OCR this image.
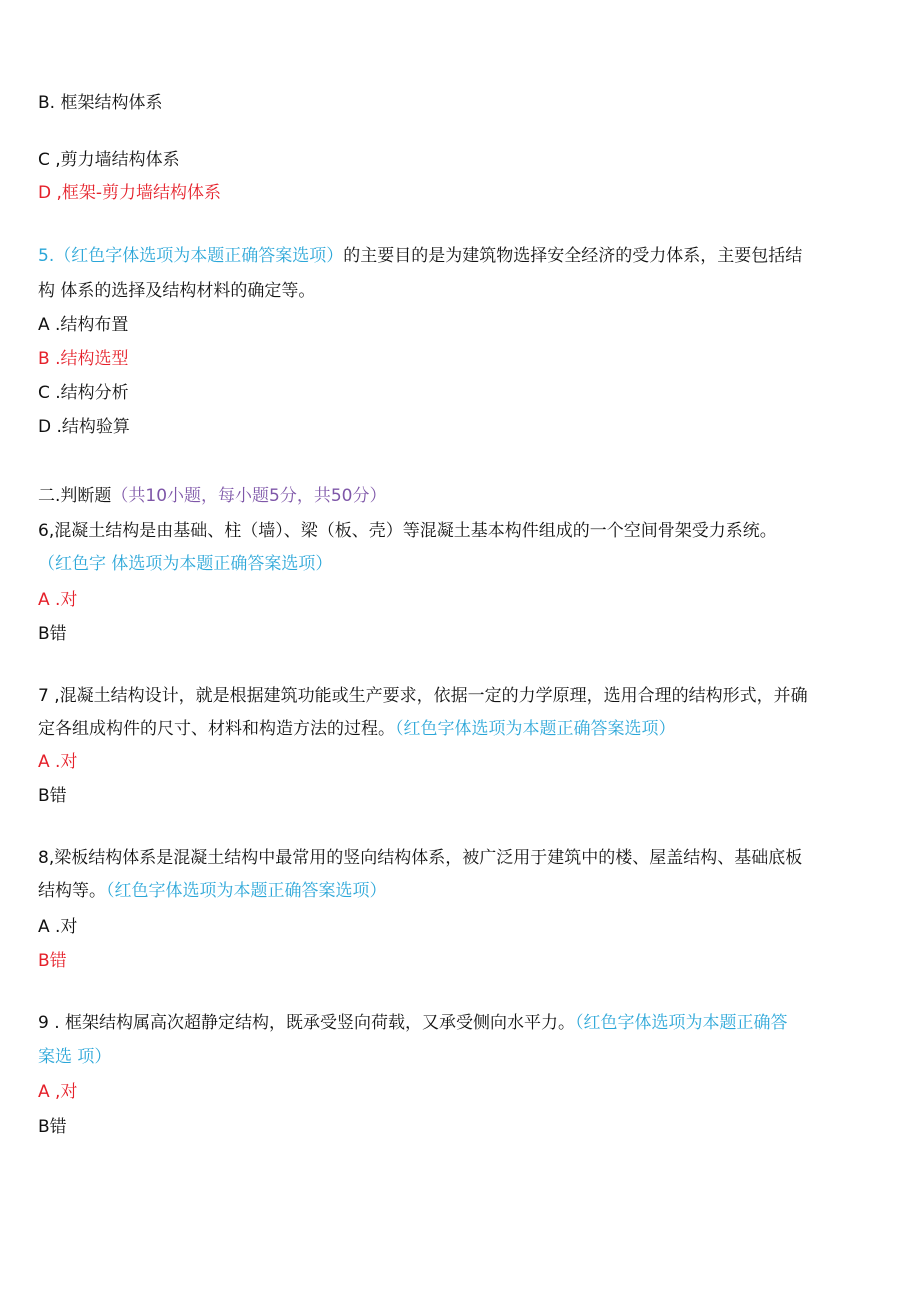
B. 框架结构体系
C ,剪力墙结构体系
D ,框架-剪力墙结构体系
5.（红色字体选项为本题正确答案选项）的主要目的是为建筑物选择安全经济的受力体系，主要包括结
构 体系的选择及结构材料的确定等。
A .结构布置
B .结构选型
C .结构分析
D .结构验算
二.判断题（共10小题，每小题5分，共50分）
6,混凝土结构是由基础、柱（墙）、梁（板、壳）等混凝土基本构件组成的一个空间骨架受力系统。
（红色字 体选项为本题正确答案选项）
A .对
B错
7 ,混凝土结构设计，就是根据建筑功能或生产要求，依据一定的力学原理，选用合理的结构形式，并确
定各组成构件的尺寸、材料和构造方法的过程。（红色字体选项为本题正确答案选项）
A .对
B错
8,梁板结构体系是混凝土结构中最常用的竖向结构体系，被广泛用于建筑中的楼、屋盖结构、基础底板
结构等。（红色字体选项为本题正确答案选项）
A .对
B错
9 . 框架结构属高次超静定结构，既承受竖向荷载，又承受侧向水平力。（红色字体选项为本题正确答
案选 项）
A ,对
B错
